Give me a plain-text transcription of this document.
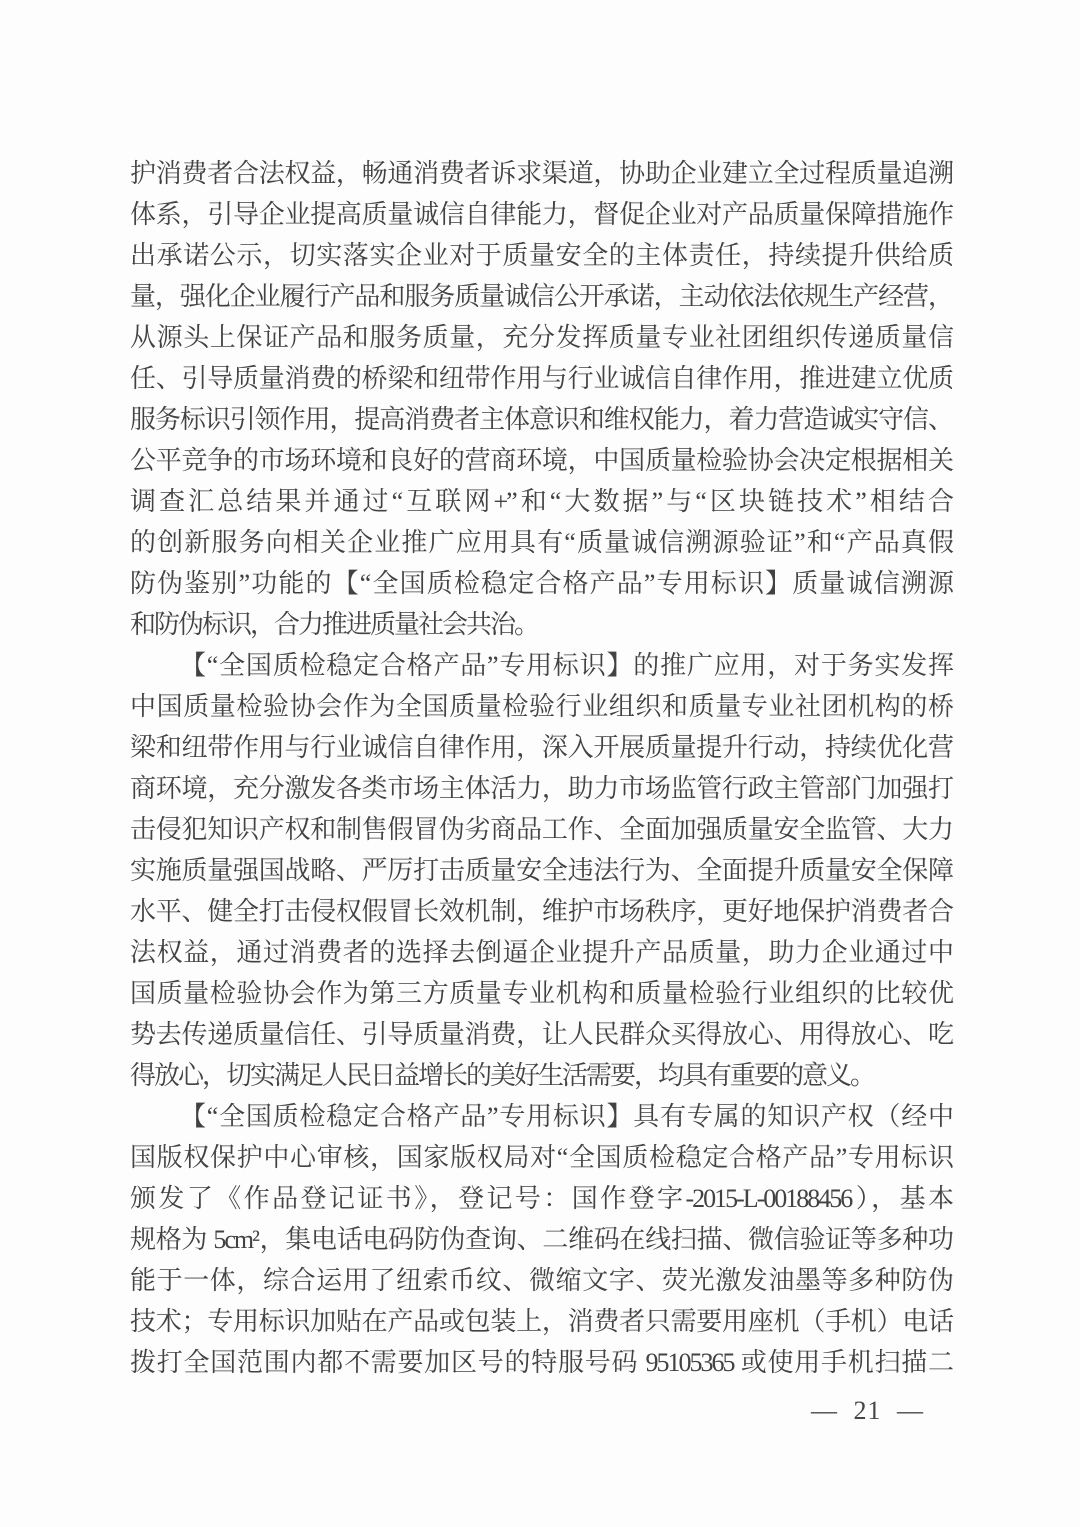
护消费者合法权益，畅通消费者诉求渠道，协助企业建立全过程质量追溯
体系，引导企业提高质量诚信自律能力，督促企业对产品质量保障措施作
出承诺公示，切实落实企业对于质量安全的主体责任，持续提升供给质
量，强化企业履行产品和服务质量诚信公开承诺，主动依法依规生产经营，
从源头上保证产品和服务质量，充分发挥质量专业社团组织传递质量信
任、引导质量消费的桥梁和纽带作用与行业诚信自律作用，推进建立优质
服务标识引领作用，提高消费者主体意识和维权能力，着力营造诚实守信、
公平竞争的市场环境和良好的营商环境，中国质量检验协会决定根据相关
调查汇总结果并通过“互联网+”和“大数据”与“区块链技术”相结合
的创新服务向相关企业推广应用具有“质量诚信溯源验证”和“产品真假
防伪鉴别”功能的【“全国质检稳定合格产品”专用标识】质量诚信溯源
和防伪标识，合力推进质量社会共治。
【“全国质检稳定合格产品”专用标识】的推广应用，对于务实发挥
中国质量检验协会作为全国质量检验行业组织和质量专业社团机构的桥
梁和纽带作用与行业诚信自律作用，深入开展质量提升行动，持续优化营
商环境，充分激发各类市场主体活力，助力市场监管行政主管部门加强打
击侵犯知识产权和制售假冒伪劣商品工作、全面加强质量安全监管、大力
实施质量强国战略、严厉打击质量安全违法行为、全面提升质量安全保障
水平、健全打击侵权假冒长效机制，维护市场秩序，更好地保护消费者合
法权益，通过消费者的选择去倒逼企业提升产品质量，助力企业通过中
国质量检验协会作为第三方质量专业机构和质量检验行业组织的比较优
势去传递质量信任、引导质量消费，让人民群众买得放心、用得放心、吃
得放心，切实满足人民日益增长的美好生活需要，均具有重要的意义。
【“全国质检稳定合格产品”专用标识】具有专属的知识产权（经中
国版权保护中心审核，国家版权局对“全国质检稳定合格产品”专用标识
颁发了《作品登记证书》，登记号：国作登字-2015-L-00188456），基本
规格为 5cm²，集电话电码防伪查询、二维码在线扫描、微信验证等多种功
能于一体，综合运用了纽索币纹、微缩文字、荧光激发油墨等多种防伪
技术；专用标识加贴在产品或包装上，消费者只需要用座机（手机）电话
拨打全国范围内都不需要加区号的特服号码 95105365 或使用手机扫描二
— 21 —
